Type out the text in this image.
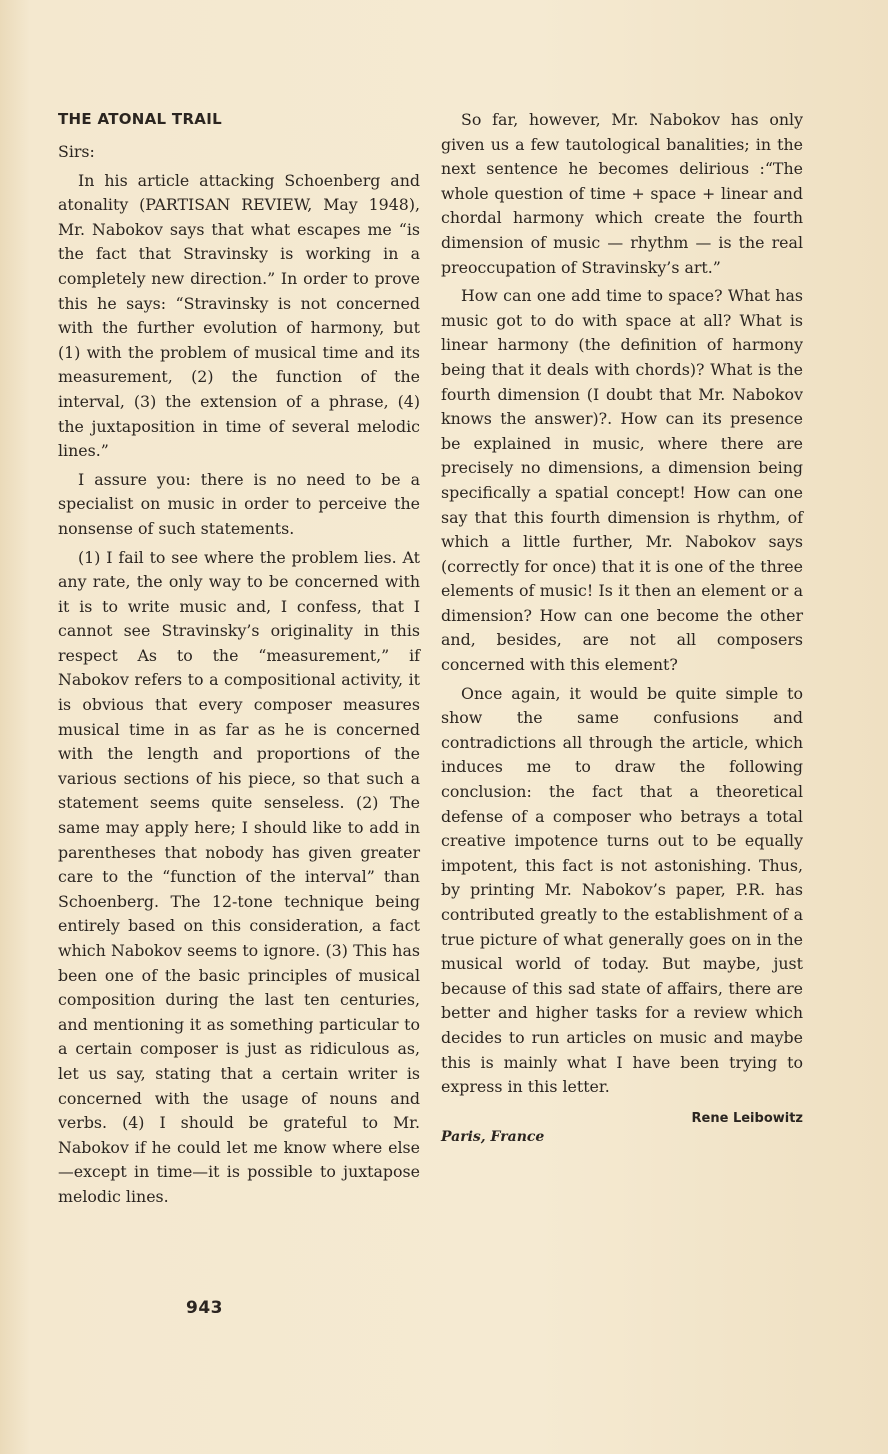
THE ATONAL TRAIL
Sirs:

In his article attacking Schoenberg and atonality (PARTISAN REVIEW, May 1948), Mr. Nabokov says that what escapes me “is the fact that Stravinsky is working in a completely new direction.” In order to prove this he says: “Stravinsky is not concerned with the further evolution of harmony, but (1) with the problem of musical time and its measurement, (2) the function of the interval, (3) the extension of a phrase, (4) the juxtaposition in time of several melodic lines.”

I assure you: there is no need to be a specialist on music in order to perceive the nonsense of such statements.

(1) I fail to see where the problem lies. At any rate, the only way to be concerned with it is to write music and, I confess, that I cannot see Stravinsky’s originality in this respect As to the “measurement,” if Nabokov refers to a compositional activity, it is obvious that every composer measures musical time in as far as he is concerned with the length and proportions of the various sections of his piece, so that such a statement seems quite senseless. (2) The same may apply here; I should like to add in parentheses that nobody has given greater care to the “function of the interval” than Schoenberg. The 12-tone technique being entirely based on this consideration, a fact which Nabokov seems to ignore. (3) This has been one of the basic principles of musical composition during the last ten centuries, and mentioning it as something particular to a certain composer is just as ridiculous as, let us say, stating that a certain writer is concerned with the usage of nouns and verbs. (4) I should be grateful to Mr. Nabokov if he could let me know where else—except in time—it is possible to juxtapose melodic lines.

So far, however, Mr. Nabokov has only given us a few tautological banalities; in the next sentence he becomes delirious :“The whole question of time + space + linear and chordal harmony which create the fourth dimension of music — rhythm — is the real preoccupation of Stravinsky’s art.”

How can one add time to space? What has music got to do with space at all? What is linear harmony (the definition of harmony being that it deals with chords)? What is the fourth dimension (I doubt that Mr. Nabokov knows the answer)?. How can its presence be explained in music, where there are precisely no dimensions, a dimension being specifically a spatial concept! How can one say that this fourth dimension is rhythm, of which a little further, Mr. Nabokov says (correctly for once) that it is one of the three elements of music! Is it then an element or a dimension? How can one become the other and, besides, are not all composers concerned with this element?

Once again, it would be quite simple to show the same confusions and contradictions all through the article, which induces me to draw the following conclusion: the fact that a theoretical defense of a composer who betrays a total creative impotence turns out to be equally impotent, this fact is not astonishing. Thus, by printing Mr. Nabokov’s paper, P.R. has contributed greatly to the establishment of a true picture of what generally goes on in the musical world of today. But maybe, just because of this sad state of affairs, there are better and higher tasks for a review which decides to run articles on music and maybe this is mainly what I have been trying to express in this letter.

Rene Leibowitz
Paris, France
943
